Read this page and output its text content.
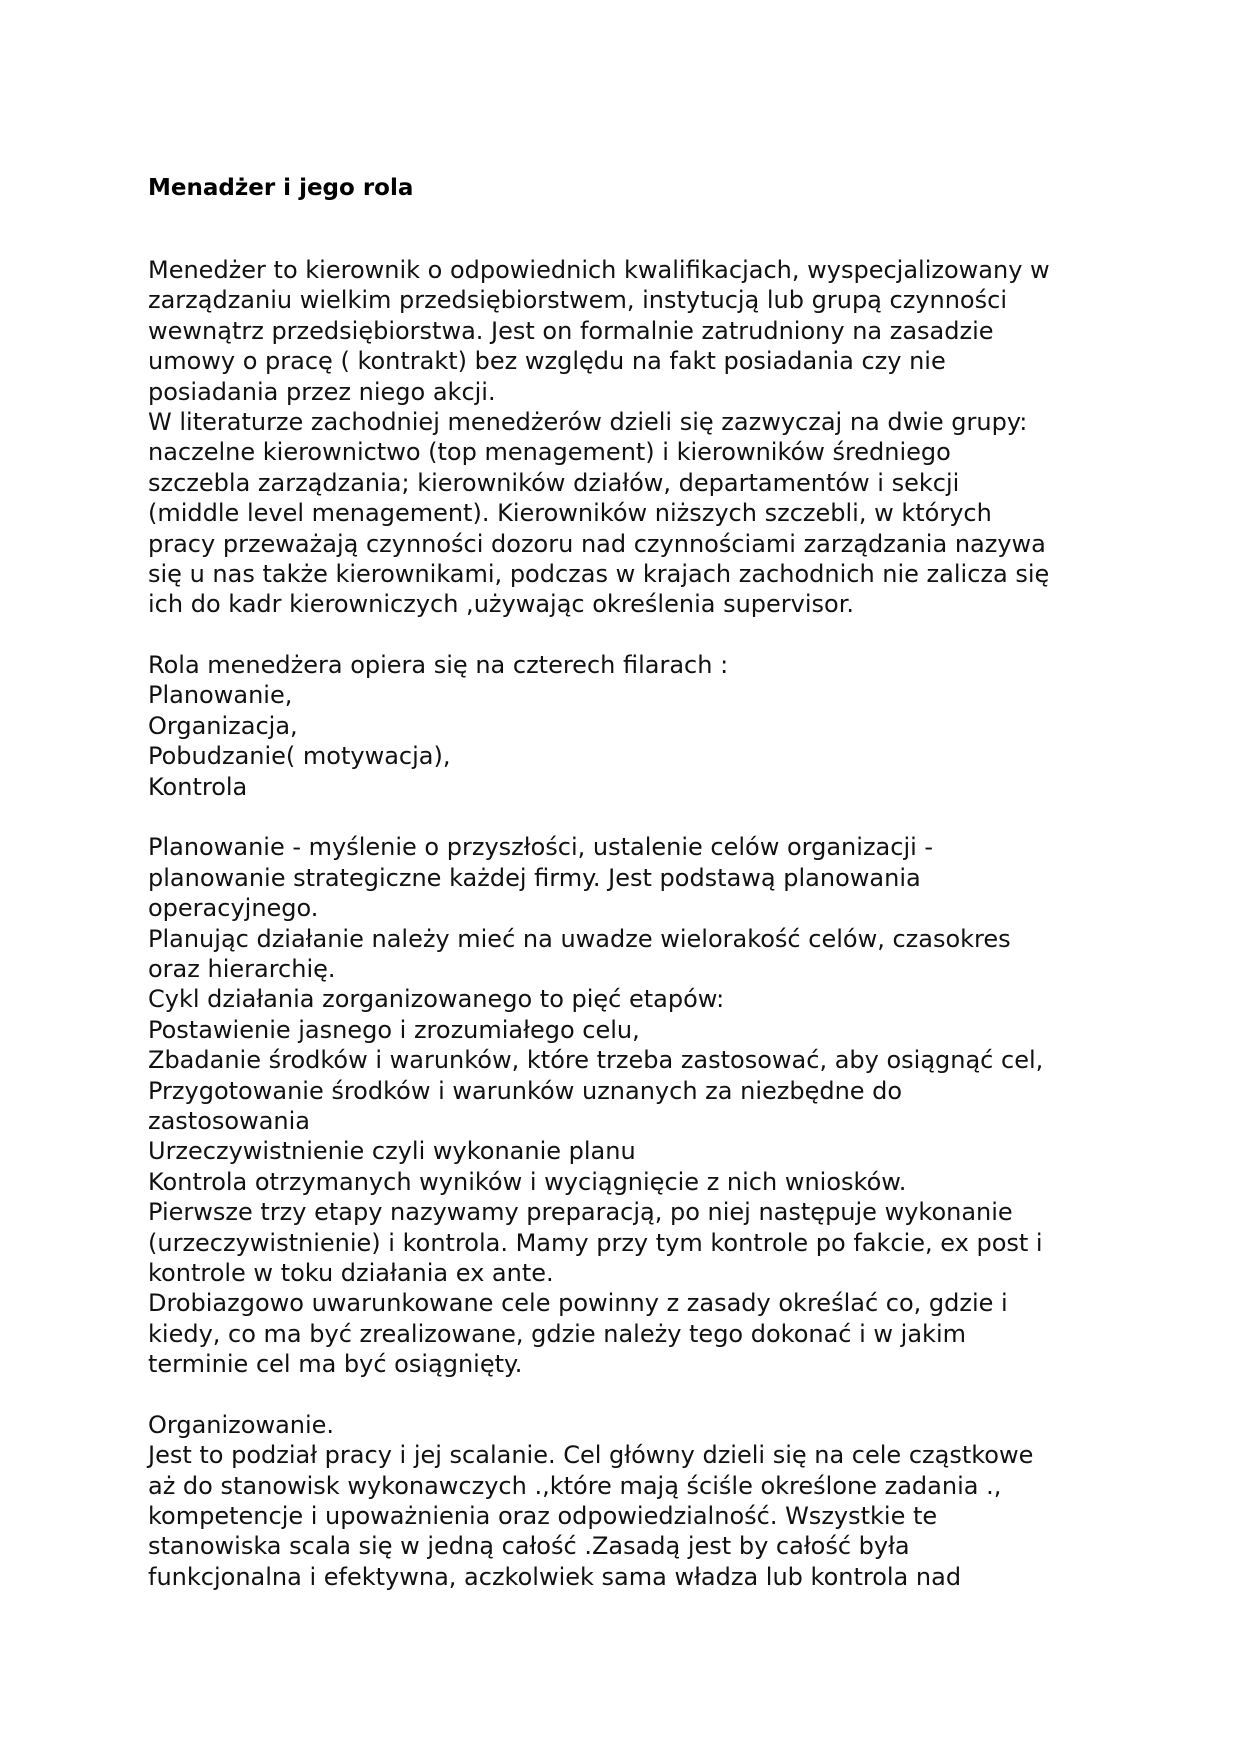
Menadżer i jego rola
Menedżer to kierownik o odpowiednich kwalifikacjach, wyspecjalizowany w
zarządzaniu wielkim przedsiębiorstwem, instytucją lub grupą czynności
wewnątrz przedsiębiorstwa. Jest on formalnie zatrudniony na zasadzie
umowy o pracę ( kontrakt) bez względu na fakt posiadania czy nie
posiadania przez niego akcji.
W literaturze zachodniej menedżerów dzieli się zazwyczaj na dwie grupy:
naczelne kierownictwo (top menagement) i kierowników średniego
szczebla zarządzania; kierowników działów, departamentów i sekcji
(middle level menagement). Kierowników niższych szczebli, w których
pracy przeważają czynności dozoru nad czynnościami zarządzania nazywa
się u nas także kierownikami, podczas w krajach zachodnich nie zalicza się
ich do kadr kierowniczych ,używając określenia supervisor.
Rola menedżera opiera się na czterech filarach :
Planowanie,
Organizacja,
Pobudzanie( motywacja),
Kontrola
Planowanie - myślenie o przyszłości, ustalenie celów organizacji -
planowanie strategiczne każdej firmy. Jest podstawą planowania
operacyjnego.
Planując działanie należy mieć na uwadze wielorakość celów, czasokres
oraz hierarchię.
Cykl działania zorganizowanego to pięć etapów:
Postawienie jasnego i zrozumiałego celu,
Zbadanie środków i warunków, które trzeba zastosować, aby osiągnąć cel,
Przygotowanie środków i warunków uznanych za niezbędne do
zastosowania
Urzeczywistnienie czyli wykonanie planu
Kontrola otrzymanych wyników i wyciągnięcie z nich wniosków.
Pierwsze trzy etapy nazywamy preparacją, po niej następuje wykonanie
(urzeczywistnienie) i kontrola. Mamy przy tym kontrole po fakcie, ex post i
kontrole w toku działania ex ante.
Drobiazgowo uwarunkowane cele powinny z zasady określać co, gdzie i
kiedy, co ma być zrealizowane, gdzie należy tego dokonać i w jakim
terminie cel ma być osiągnięty.
Organizowanie.
Jest to podział pracy i jej scalanie. Cel główny dzieli się na cele cząstkowe
aż do stanowisk wykonawczych .,które mają ściśle określone zadania .,
kompetencje i upoważnienia oraz odpowiedzialność. Wszystkie te
stanowiska scala się w jedną całość .Zasadą jest by całość była
funkcjonalna i efektywna, aczkolwiek sama władza lub kontrola nad
